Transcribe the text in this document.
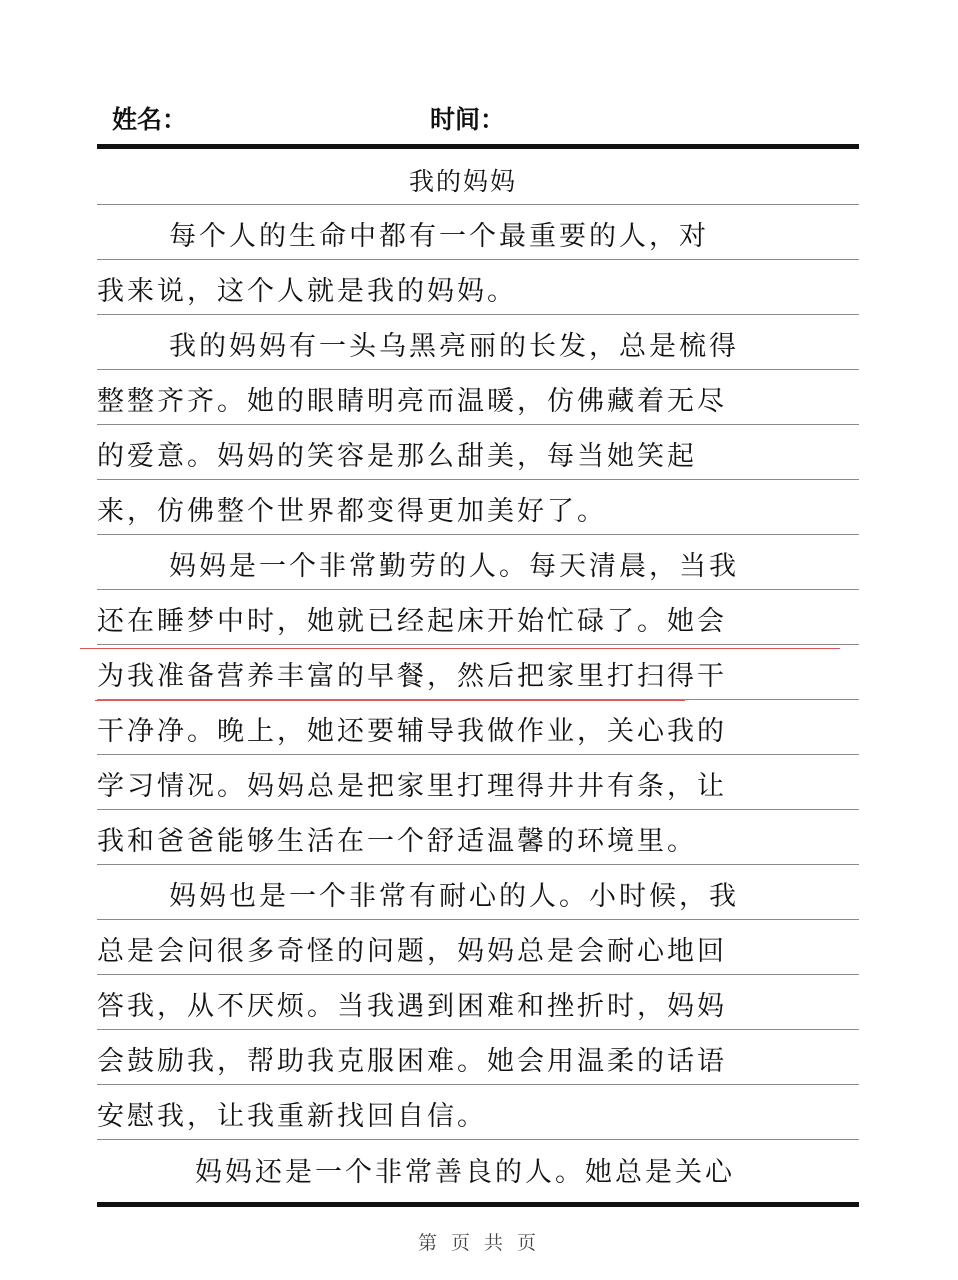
姓名：	时间：
我的妈妈
每个人的生命中都有一个最重要的人，对
我来说，这个人就是我的妈妈。
我的妈妈有一头乌黑亮丽的长发，总是梳得
整整齐齐。她的眼睛明亮而温暖，仿佛藏着无尽
的爱意。妈妈的笑容是那么甜美，每当她笑起
来，仿佛整个世界都变得更加美好了。
妈妈是一个非常勤劳的人。每天清晨，当我
还在睡梦中时，她就已经起床开始忙碌了。她会
为我准备营养丰富的早餐，然后把家里打扫得干
干净净。晚上，她还要辅导我做作业，关心我的
学习情况。妈妈总是把家里打理得井井有条，让
我和爸爸能够生活在一个舒适温馨的环境里。
妈妈也是一个非常有耐心的人。小时候，我
总是会问很多奇怪的问题，妈妈总是会耐心地回
答我，从不厌烦。当我遇到困难和挫折时，妈妈
会鼓励我，帮助我克服困难。她会用温柔的话语
安慰我，让我重新找回自信。
妈妈还是一个非常善良的人。她总是关心
第 页 共 页
